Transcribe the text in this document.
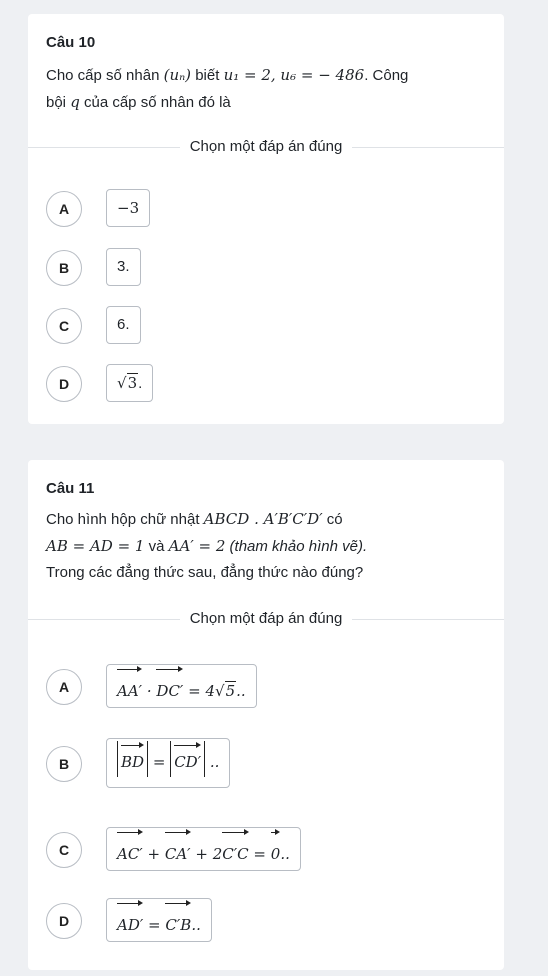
Câu 10
Cho cấp số nhân (uₙ) biết u₁ = 2, u₆ = − 486. Công
bội q của cấp số nhân đó là
Chọn một đáp án đúng
A	−3
B	3.
C	6.
D	√3.
Câu 11
Cho hình hộp chữ nhật ABCD . A′B′C′D′ có
AB = AD = 1 và AA′ = 2 (tham khảo hình vẽ).
Trong các đẳng thức sau, đẳng thức nào đúng?
Chọn một đáp án đúng
A	AA′ · DC′ = 4√5..
B	BD = CD′ ..
C	AC′ + CA′ + 2C′C = 0..
D	AD′ = C′B..
